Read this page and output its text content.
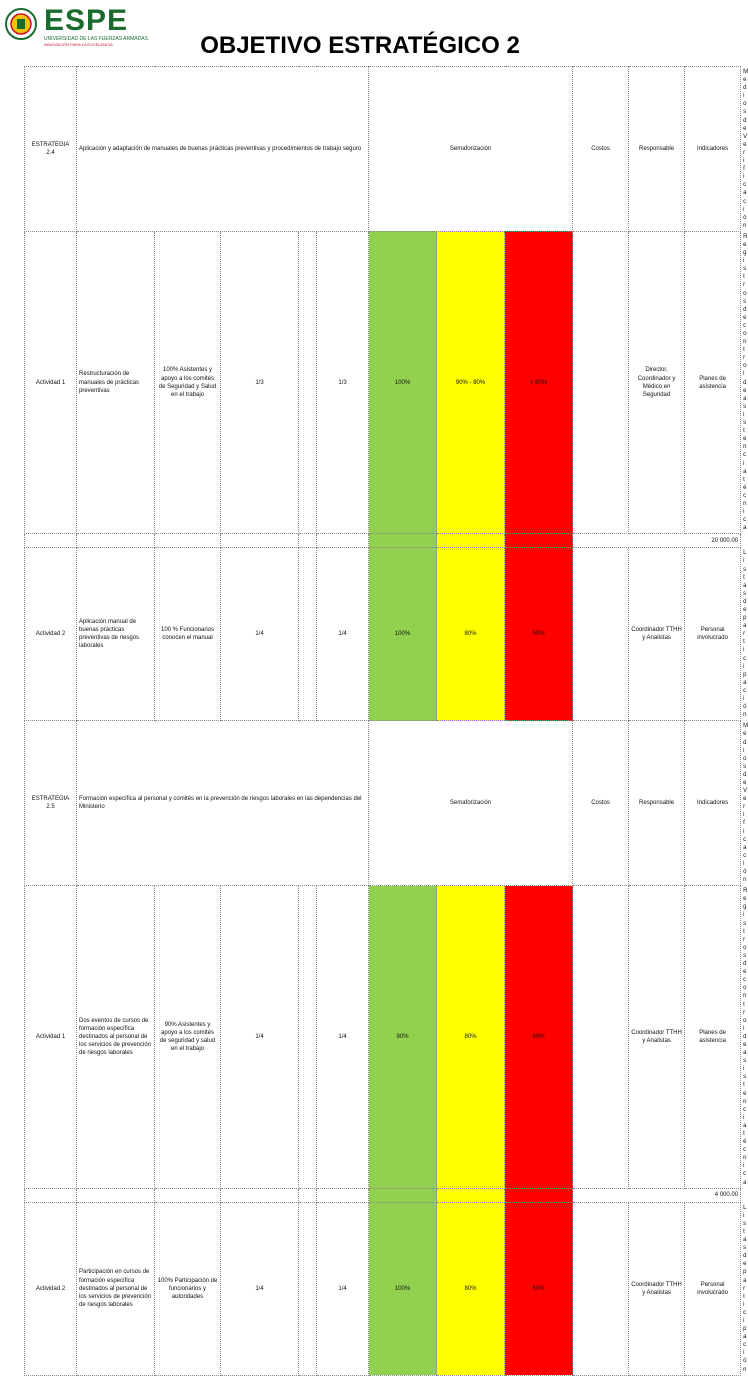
ESPE
UNIVERSIDAD DE LAS FUERZAS ARMADAS
INNOVACIÓN PARA LA EXCELENCIA	OBJETIVO ESTRATÉGICO 2
ESTRATEGIA 2.4	Aplicación y adaptación de manuales de buenas prácticas preventivas y procedimientos de trabajo seguro					Semaforización			Costos	Responsable	Indicadores	Medios de Verificación
Actividad 1	Restructuración de manuales de prácticas preventivas	100% Asistentes y apoyo a los comités de Seguridad y Salud en el trabajo	1/3		1/3	100%	90% - 80%	< 80%		Director, Coordinador y Médico en Seguridad	Planes de asistencia	Registros de control de asistencia técnica
									20 000.00			
Actividad 2	Aplicación manual de buenas prácticas preventivas de riesgos laborales	100 % Funcionarios conocen el manual	1/4		1/4	100%	80%	50%		Coordinador TTHH y Analistas	Personal involucrado	Listas de participación
ESTRATEGIA 2.5	Formación específica al personal y comités en la prevención de riesgos laborales en las dependencias del Ministerio					Semaforización			Costos	Responsable	Indicadores	Medios de Verificación
Actividad 1	Dos eventos de cursos de formación específica destinados al personal de los servicios de prevención de riesgos laborales	90% Asistentes y apoyo a los comités de seguridad y salud en el trabajo	1/4		1/4	90%	80%	50%		Coordinador TTHH y Analistas	Planes de asistencia	Registros de control de asistencia técnica
									4 000.00			
Actividad 2	Participación en cursos de formación específica destinados al personal de los servicios de prevención de riesgos laborales	100% Participación de funcionarios y autoridades	1/4		1/4	100%	80%	50%		Coordinador TTHH y Analistas	Personal involucrado	Listas de participación
